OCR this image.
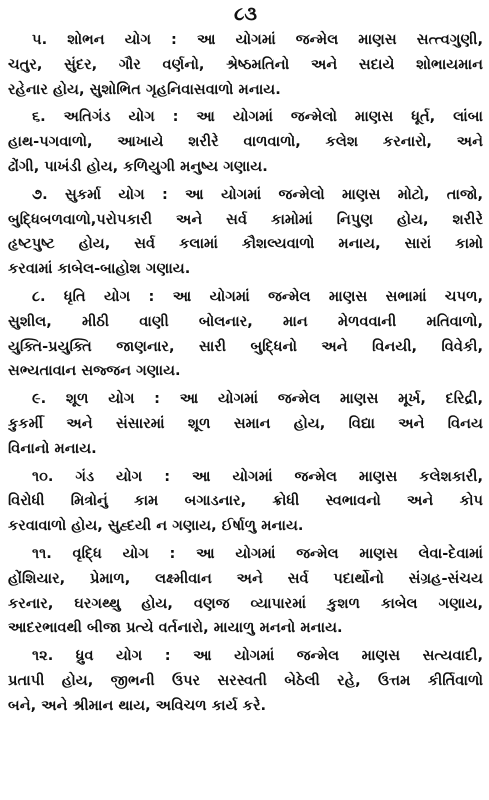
૮૩
૫. શોભન યોગ : આ યોગમાં જન્મેલ માણસ સત્ત્વગુણી,
ચતુર, સુંદર, ગૌર વર્ણનો, શ્રેષ્ઠમતિનો અને સદાયે શોભાયમાન
રહેનાર હોય, સુશોભિત ગૃહનિવાસવાળો મનાય.
૬. અતિગંડ યોગ : આ યોગમાં જન્મેલો માણસ ધૂર્ત, લાંબા
હાથ-પગવાળો, આખાયે શરીરે વાળવાળો, કલેશ કરનારો, અને
ઢોંગી, પાખંડી હોય, કળિયુગી મનુષ્ય ગણાય.
૭. સુકર્મા યોગ : આ યોગમાં જન્મેલો માણસ મોટો, તાજો,
બુદ્ધિબળવાળો,પરોપકારી અને સર્વ કામોમાં નિપુણ હોય, શરીરે
હૃષ્ટપુષ્ટ હોય, સર્વ કલામાં કૌશલ્યવાળો મનાય, સારાં કામો
કરવામાં કાબેલ-બાહોશ ગણાય.
૮. ધૃતિ યોગ : આ યોગમાં જન્મેલ માણસ સભામાં ચપળ,
સુશીલ, મીઠી વાણી બોલનાર, માન મેળવવાની મતિવાળો,
યુક્તિ-પ્રયુક્તિ જાણનાર, સારી બુદ્ધિનો અને વિનયી, વિવેકી,
સભ્યતાવાન સજ્જન ગણાય.
૯. શૂળ યોગ : આ યોગમાં જન્મેલ માણસ મૂર્ખ, દરિદ્રી,
કુકર્મી અને સંસારમાં શૂળ સમાન હોય, વિદ્યા અને વિનય
વિનાનો મનાય.
૧૦. ગંડ યોગ : આ યોગમાં જન્મેલ માણસ કલેશકારી,
વિરોધી મિત્રોનું કામ બગાડનાર, ક્રોધી સ્વભાવનો અને કોપ
કરવાવાળો હોય, સુહ્દયી ન ગણાય, ઈર્ષાળુ મનાય.
૧૧. વૃદ્ધિ યોગ : આ યોગમાં જન્મેલ માણસ લેવા-દેવામાં
હોંશિયાર, પ્રેમાળ, લક્ષ્મીવાન અને સર્વ પદાર્થોનો સંગ્રહ-સંચય
કરનાર, ઘરગથ્થુ હોય, વણજ વ્યાપારમાં કુશળ કાબેલ ગણાય,
આદરભાવથી બીજા પ્રત્યે વર્તનારો, માયાળુ મનનો મનાય.
૧૨. ધ્રુવ યોગ : આ યોગમાં જન્મેલ માણસ સત્યવાદી,
પ્રતાપી હોય, જીભની ઉપર સરસ્વતી બેઠેલી રહે, ઉત્તમ કીર્તિવાળો
બને, અને શ્રીમાન થાય, અવિચળ કાર્ય કરે.
